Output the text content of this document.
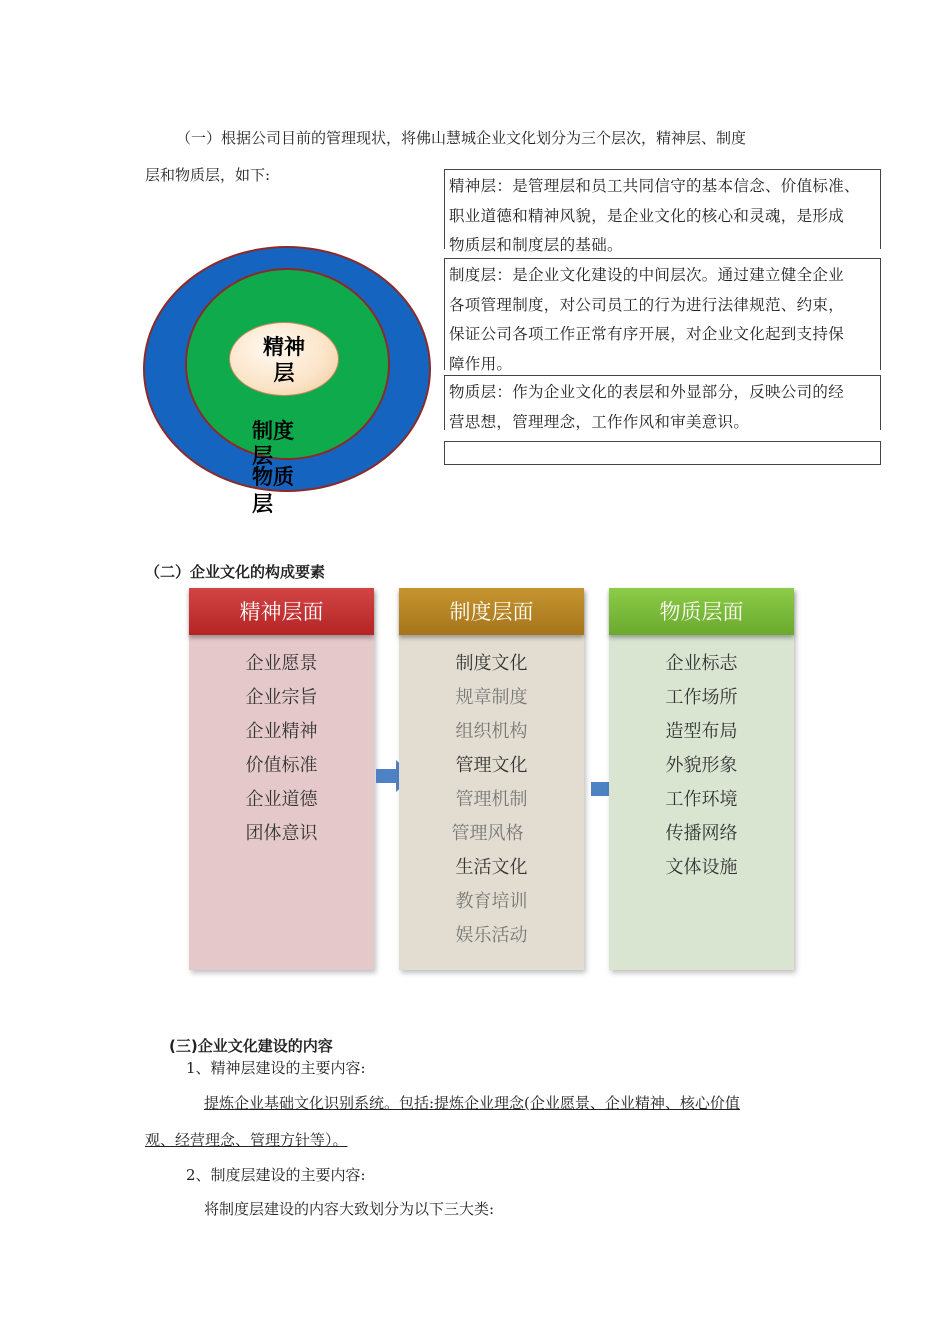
（一）根据公司目前的管理现状，将佛山慧城企业文化划分为三个层次，精神层、制度
层和物质层，如下:
精神
层
制度
层
物质
层
精神层：是管理层和员工共同信守的基本信念、价值标准、
职业道德和精神风貌，是企业文化的核心和灵魂，是形成
物质层和制度层的基础。
制度层：是企业文化建设的中间层次。通过建立健全企业
各项管理制度，对公司员工的行为进行法律规范、约束，
保证公司各项工作正常有序开展，对企业文化起到支持保
障作用。
物质层：作为企业文化的表层和外显部分，反映公司的经
营思想，管理理念，工作作风和审美意识。
（二）企业文化的构成要素
精神层面
企业愿景
企业宗旨
企业精神
价值标准
企业道德
团体意识
制度层面
制度文化
规章制度
组织机构
管理文化
管理机制
管理风格
生活文化
教育培训
娱乐活动
物质层面
企业标志
工作场所
造型布局
外貌形象
工作环境
传播网络
文体设施
(三)企业文化建设的内容
1、精神层建设的主要内容:
提炼企业基础文化识别系统。包括:提炼企业理念(企业愿景、企业精神、核心价值
观、经营理念、管理方针等）。
2、制度层建设的主要内容:
将制度层建设的内容大致划分为以下三大类:
